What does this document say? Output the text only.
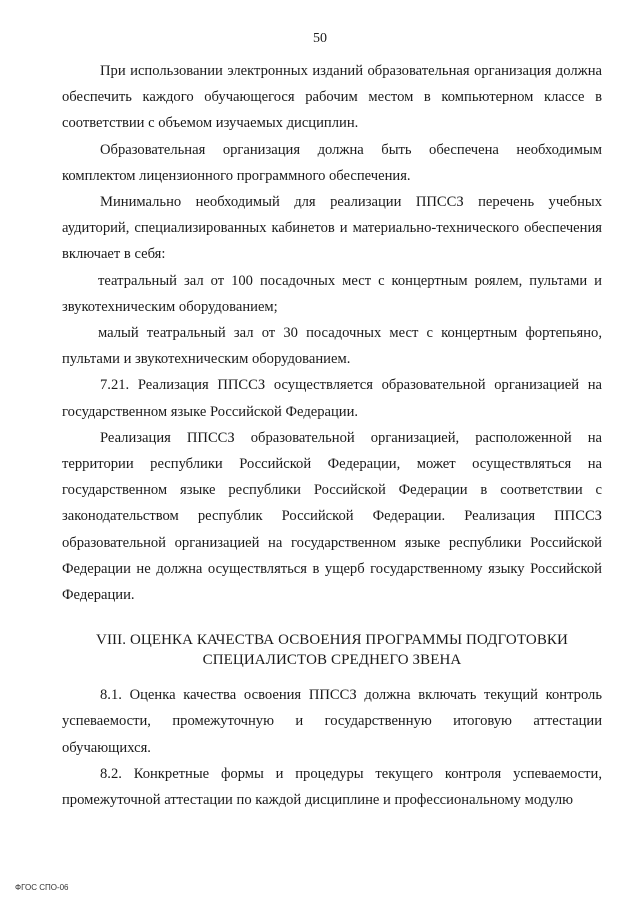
50

При использовании электронных изданий образовательная организация должна обеспечить каждого обучающегося рабочим местом в компьютерном классе в соответствии с объемом изучаемых дисциплин.

Образовательная организация должна быть обеспечена необходимым комплектом лицензионного программного обеспечения.

Минимально необходимый для реализации ППССЗ перечень учебных аудиторий, специализированных кабинетов и материально-технического обеспечения включает в себя:

театральный зал от 100 посадочных мест с концертным роялем, пультами и звукотехническим оборудованием;

малый театральный зал от 30 посадочных мест с концертным фортепьяно, пультами и звукотехническим оборудованием.

7.21. Реализация ППССЗ осуществляется образовательной организацией на государственном языке Российской Федерации.

Реализация ППССЗ образовательной организацией, расположенной на территории республики Российской Федерации, может осуществляться на государственном языке республики Российской Федерации в соответствии с законодательством республик Российской Федерации. Реализация ППССЗ образовательной организацией на государственном языке республики Российской Федерации не должна осуществляться в ущерб государственному языку Российской Федерации.

VIII. ОЦЕНКА КАЧЕСТВА ОСВОЕНИЯ ПРОГРАММЫ ПОДГОТОВКИ
СПЕЦИАЛИСТОВ СРЕДНЕГО ЗВЕНА

8.1. Оценка качества освоения ППССЗ должна включать текущий контроль успеваемости, промежуточную и государственную итоговую аттестации обучающихся.

8.2. Конкретные формы и процедуры текущего контроля успеваемости, промежуточной аттестации по каждой дисциплине и профессиональному модулю

ФГОС СПО-06
